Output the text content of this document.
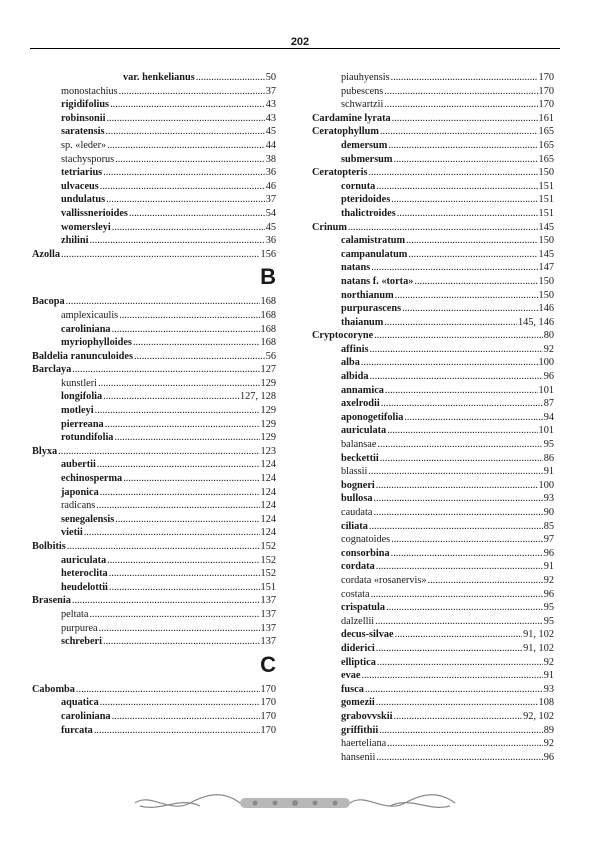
202
var. henkelianus .....	50
monostachius .....	37
rigidifolius .....	43
robinsonii .....	43
saratensis .....	45
sp. «leder» .....	44
stachysporus .....	38
tetriarius .....	36
ulvaceus .....	46
undulatus .....	37
vallissnerioides .....	54
womersleyi .....	45
zhilini .....	36
Azolla .....	156
B
Bacopa .....	168
amplexicaulis .....	168
caroliniana .....	168
myriophylloides .....	168
Baldelia ranunculoides .....	56
Barclaya .....	127
kunstleri .....	129
longifolia .....	127, 128
motleyi .....	129
pierreana .....	129
rotundifolia .....	129
Blyxa .....	123
aubertii .....	124
echinosperma .....	124
japonica .....	124
radicans .....	124
senegalensis .....	124
vietii .....	124
Bolbitis .....	152
auriculata .....	152
heteroclita .....	152
heudelottii .....	151
Brasenia .....	137
peltata .....	137
purpurea .....	137
schreberi .....	137
C
Cabomba .....	170
aquatica .....	170
caroliniana .....	170
furcata .....	170
piauhyensis .....	170
pubescens .....	170
schwartzii .....	170
Cardamine lyrata .....	161
Ceratophyllum .....	165
demersum .....	165
submersum .....	165
Ceratopteris .....	150
cornuta .....	151
pteridoides .....	151
thalictroides .....	151
Crinum .....	145
calamistratum .....	150
campanulatum .....	145
natans .....	147
natans f. «torta» .....	150
northianum .....	150
purpurascens .....	146
thaianum .....	145, 146
Cryptocoryne .....	80
affinis .....	92
alba .....	100
albida .....	96
annamica .....	101
axelrodii .....	87
aponogetifolia .....	94
auriculata .....	101
balansae .....	95
beckettii .....	86
blassii .....	91
bogneri .....	100
bullosa .....	93
caudata .....	90
ciliata .....	85
cognatoides .....	97
consorbina .....	96
cordata .....	91
cordata «rosanervis» .....	92
costata .....	96
crispatula .....	95
dalzellii .....	95
decus-silvae .....	91, 102
diderici .....	91, 102
elliptica .....	92
evae .....	91
fusca .....	93
gomezii .....	108
grabovvskii .....	92, 102
griffithii .....	89
haerteliana .....	92
hansenii .....	96
